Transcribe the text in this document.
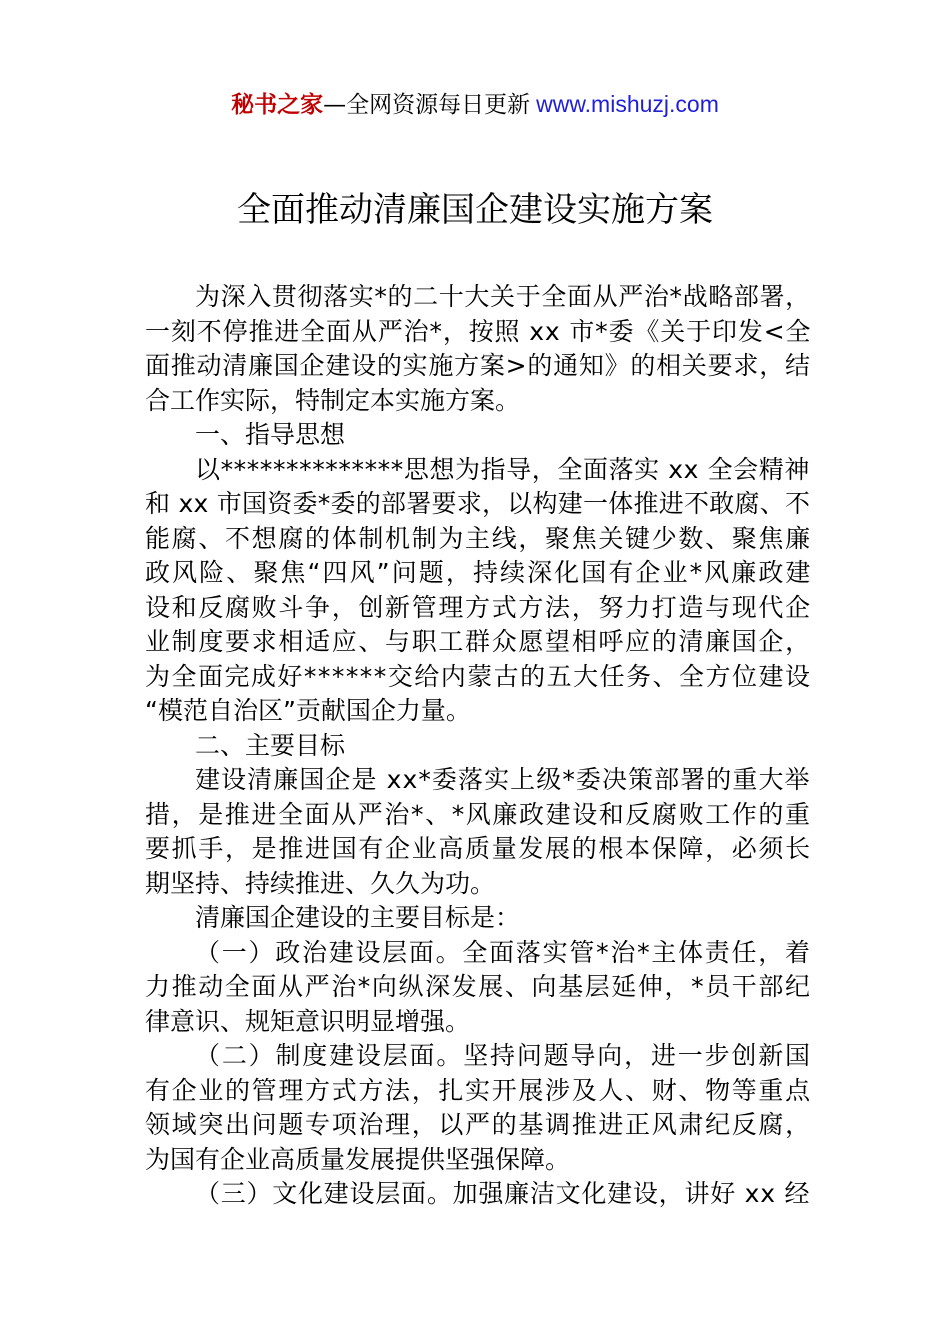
秘书之家—全网资源每日更新 www.mishuzj.com
全面推动清廉国企建设实施方案
为深入贯彻落实*的二十大关于全面从严治*战略部署，
一刻不停推进全面从严治*，按照 xx 市*委《关于印发<全
面推动清廉国企建设的实施方案>的通知》的相关要求，结
合工作实际，特制定本实施方案。
一、指导思想
以**************思想为指导，全面落实 xx 全会精神
和 xx 市国资委*委的部署要求，以构建一体推进不敢腐、不
能腐、不想腐的体制机制为主线，聚焦关键少数、聚焦廉
政风险、聚焦“四风”问题，持续深化国有企业*风廉政建
设和反腐败斗争，创新管理方式方法，努力打造与现代企
业制度要求相适应、与职工群众愿望相呼应的清廉国企，
为全面完成好******交给内蒙古的五大任务、全方位建设
“模范自治区”贡献国企力量。
二、主要目标
建设清廉国企是 xx*委落实上级*委决策部署的重大举
措，是推进全面从严治*、*风廉政建设和反腐败工作的重
要抓手，是推进国有企业高质量发展的根本保障，必须长
期坚持、持续推进、久久为功。
清廉国企建设的主要目标是：
（一）政治建设层面。全面落实管*治*主体责任，着
力推动全面从严治*向纵深发展、向基层延伸，*员干部纪
律意识、规矩意识明显增强。
（二）制度建设层面。坚持问题导向，进一步创新国
有企业的管理方式方法，扎实开展涉及人、财、物等重点
领域突出问题专项治理，以严的基调推进正风肃纪反腐，
为国有企业高质量发展提供坚强保障。
（三）文化建设层面。加强廉洁文化建设，讲好 xx 经
